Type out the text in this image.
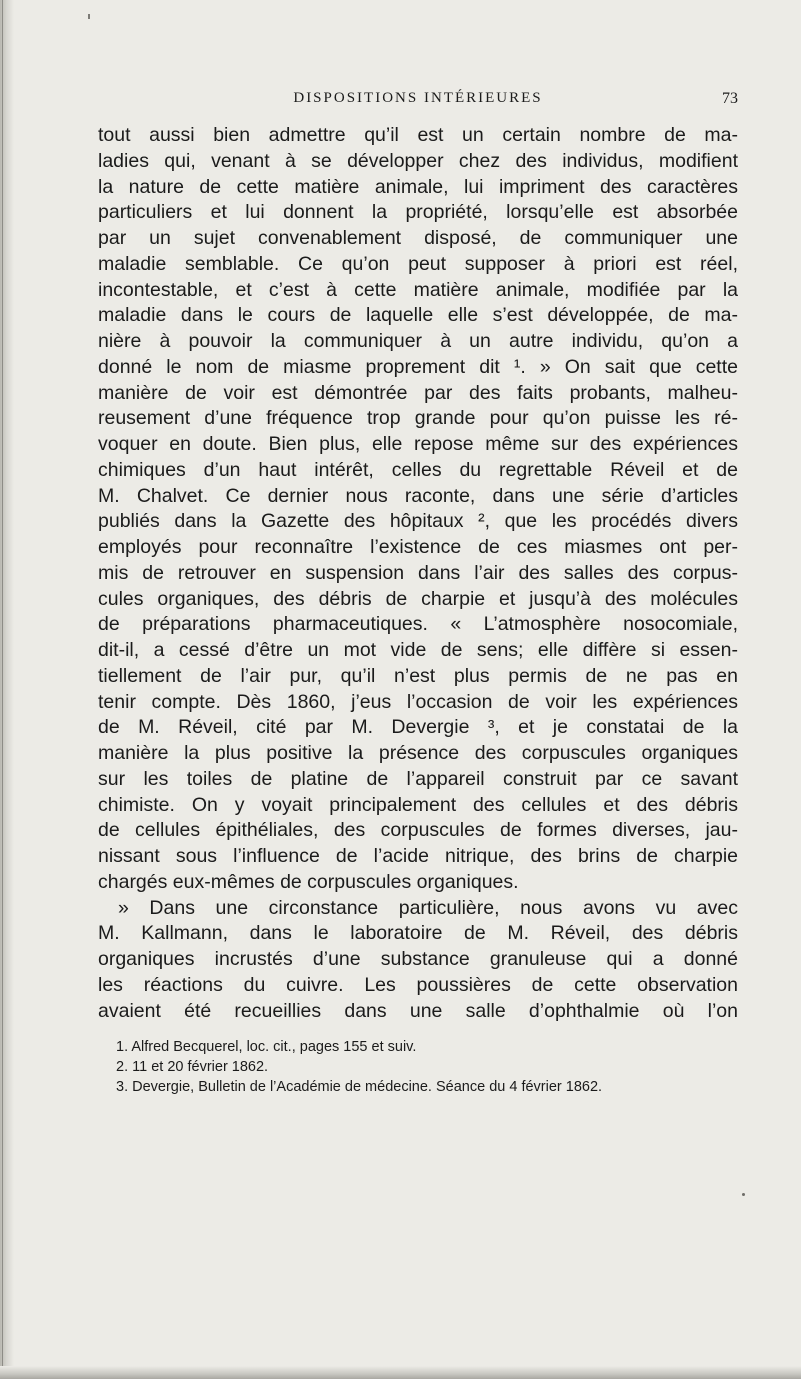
DISPOSITIONS INTÉRIEURES	73
tout aussi bien admettre qu’il est un certain nombre de ma-
ladies qui, venant à se développer chez des individus, modifient
la nature de cette matière animale, lui impriment des caractères
particuliers et lui donnent la propriété, lorsqu’elle est absorbée
par un sujet convenablement disposé, de communiquer une
maladie semblable. Ce qu’on peut supposer à priori est réel,
incontestable, et c’est à cette matière animale, modifiée par la
maladie dans le cours de laquelle elle s’est développée, de ma-
nière à pouvoir la communiquer à un autre individu, qu’on a
donné le nom de miasme proprement dit ¹. » On sait que cette
manière de voir est démontrée par des faits probants, malheu-
reusement d’une fréquence trop grande pour qu’on puisse les ré-
voquer en doute. Bien plus, elle repose même sur des expériences
chimiques d’un haut intérêt, celles du regrettable Réveil et de
M. Chalvet. Ce dernier nous raconte, dans une série d’articles
publiés dans la Gazette des hôpitaux ², que les procédés divers
employés pour reconnaître l’existence de ces miasmes ont per-
mis de retrouver en suspension dans l’air des salles des corpus-
cules organiques, des débris de charpie et jusqu’à des molécules
de préparations pharmaceutiques. « L’atmosphère nosocomiale,
dit-il, a cessé d’être un mot vide de sens; elle diffère si essen-
tiellement de l’air pur, qu’il n’est plus permis de ne pas en
tenir compte. Dès 1860, j’eus l’occasion de voir les expériences
de M. Réveil, cité par M. Devergie ³, et je constatai de la
manière la plus positive la présence des corpuscules organiques
sur les toiles de platine de l’appareil construit par ce savant
chimiste. On y voyait principalement des cellules et des débris
de cellules épithéliales, des corpuscules de formes diverses, jau-
nissant sous l’influence de l’acide nitrique, des brins de charpie
chargés eux-mêmes de corpuscules organiques.
» Dans une circonstance particulière, nous avons vu avec
M. Kallmann, dans le laboratoire de M. Réveil, des débris
organiques incrustés d’une substance granuleuse qui a donné
les réactions du cuivre. Les poussières de cette observation
avaient été recueillies dans une salle d’ophthalmie où l’on
1. Alfred Becquerel, loc. cit., pages 155 et suiv.
2. 11 et 20 février 1862.
3. Devergie, Bulletin de l’Académie de médecine. Séance du 4 février 1862.
